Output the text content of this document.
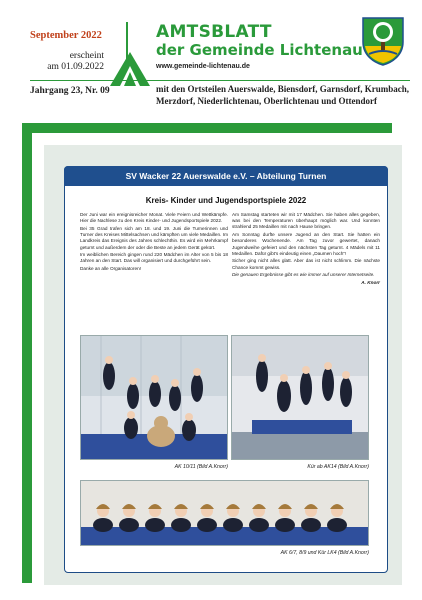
September 2022
erscheint
am 01.09.2022
Jahrgang 23, Nr. 09
AMTSBLATT
der Gemeinde Lichtenau
www.gemeinde-lichtenau.de
mit den Ortsteilen Auerswalde, Biensdorf, Garnsdorf, Krumbach,
Merzdorf, Niederlichtenau, Oberlichtenau und Ottendorf
SV Wacker 22 Auerswalde e.V. – Abteilung Turnen
Kreis- Kinder und Jugendsportspiele 2022

Der Juni war ein ereignisreicher Monat. Viele Feiern und Wettkämpfe. Hier die Nachlese zu den Kreis Kinder- und Jugendsportspiele 2022.

Bei 35 Grad trafen sich am 18. und 19. Juni die Turnerinnen und Turner des Kreises Mittelsachsen und kämpften um viele Medaillen. Im Landkreis das Ereignis des Jahres schlechthin. Es wird ein Mehrkampf geturnt und außerdem der oder die Beste an jedem Gerät gekürt.

Im weiblichen Bereich gingen rund 220 Mädchen im Alter von 5 bis 18 Jahren an den Start. Das will organisiert und durchgeführt sein.

Danke an alle Organisatoren!

Am Samstag starteten wir mit 17 Mädchen. Sie haben alles gegeben, was bei den Temperaturen überhaupt möglich war. Und konnten strahlend 25 Medaillen mit nach Hause bringen.

Am Sonntag durfte unsere Jugend an den Start. Sie hatten ein besonderes Wochenende. Am Tag zuvor gewertet, danach Jugendweihe gefeiert und den nächsten Tag geturnt. 4 Mädels mit 11 Medaillen. Dafür gibt's eindeutig einen „Daumen hoch“!

Sicher ging nicht alles glatt. Aber das ist nicht schlimm. Die nächste Chance kommt gewiss.

Die genauen Ergebnisse gibt es wie immer auf unserer Internetseite.

A. Knorr

AK 10/11 (Bild A.Knorr)	Kür ab AK14 (Bild A.Knorr)
AK 6/7, 8/9 und Kür LK4 (Bild A.Knorr)
